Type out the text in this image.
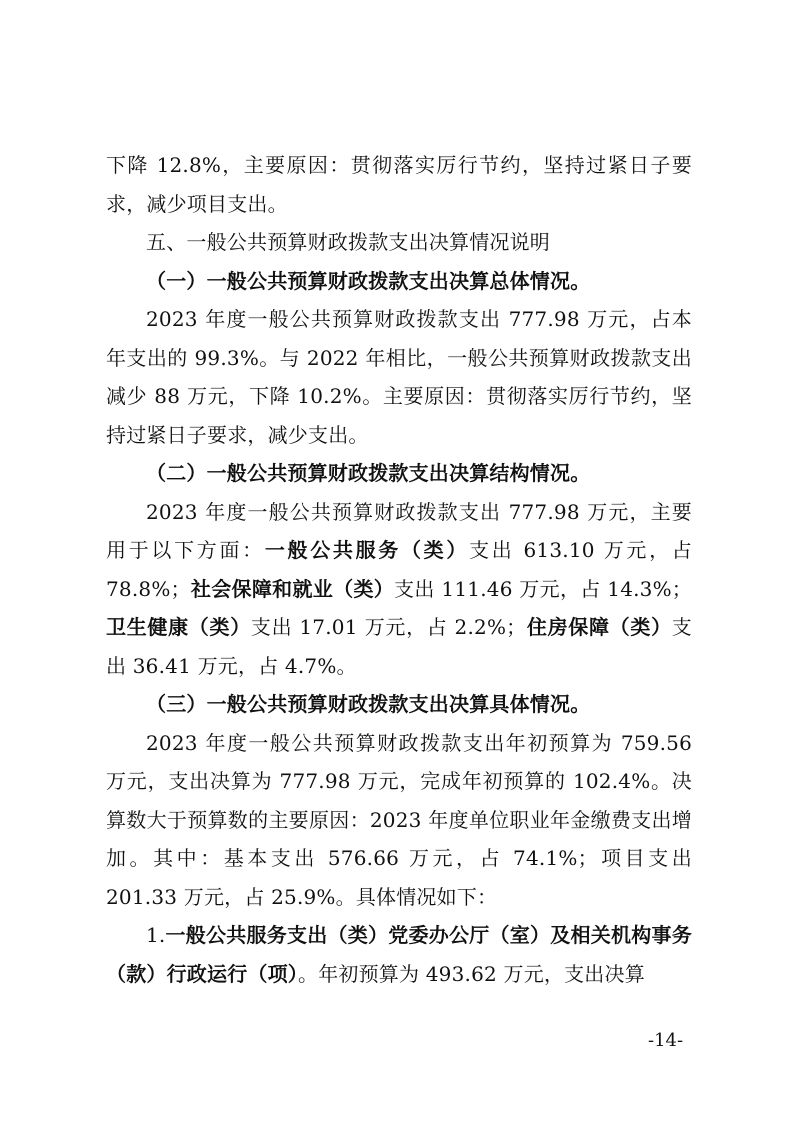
下降 12.8%，主要原因：贯彻落实厉行节约，坚持过紧日子要求，减少项目支出。

五、一般公共预算财政拨款支出决算情况说明

（一）一般公共预算财政拨款支出决算总体情况。

2023 年度一般公共预算财政拨款支出 777.98 万元，占本年支出的 99.3%。与 2022 年相比，一般公共预算财政拨款支出减少 88 万元，下降 10.2%。主要原因：贯彻落实厉行节约，坚持过紧日子要求，减少支出。

（二）一般公共预算财政拨款支出决算结构情况。

2023 年度一般公共预算财政拨款支出 777.98 万元，主要用于以下方面：一般公共服务（类）支出 613.10 万元，占 78.8%；社会保障和就业（类）支出 111.46 万元，占 14.3%；卫生健康（类）支出 17.01 万元，占 2.2%；住房保障（类）支出 36.41 万元，占 4.7%。

（三）一般公共预算财政拨款支出决算具体情况。

2023 年度一般公共预算财政拨款支出年初预算为 759.56 万元，支出决算为 777.98 万元，完成年初预算的 102.4%。决算数大于预算数的主要原因：2023 年度单位职业年金缴费支出增加。其中：基本支出 576.66 万元，占 74.1%；项目支出 201.33 万元，占 25.9%。具体情况如下：

1.一般公共服务支出（类）党委办公厅（室）及相关机构事务（款）行政运行（项）。年初预算为 493.62 万元，支出决算

-14-
